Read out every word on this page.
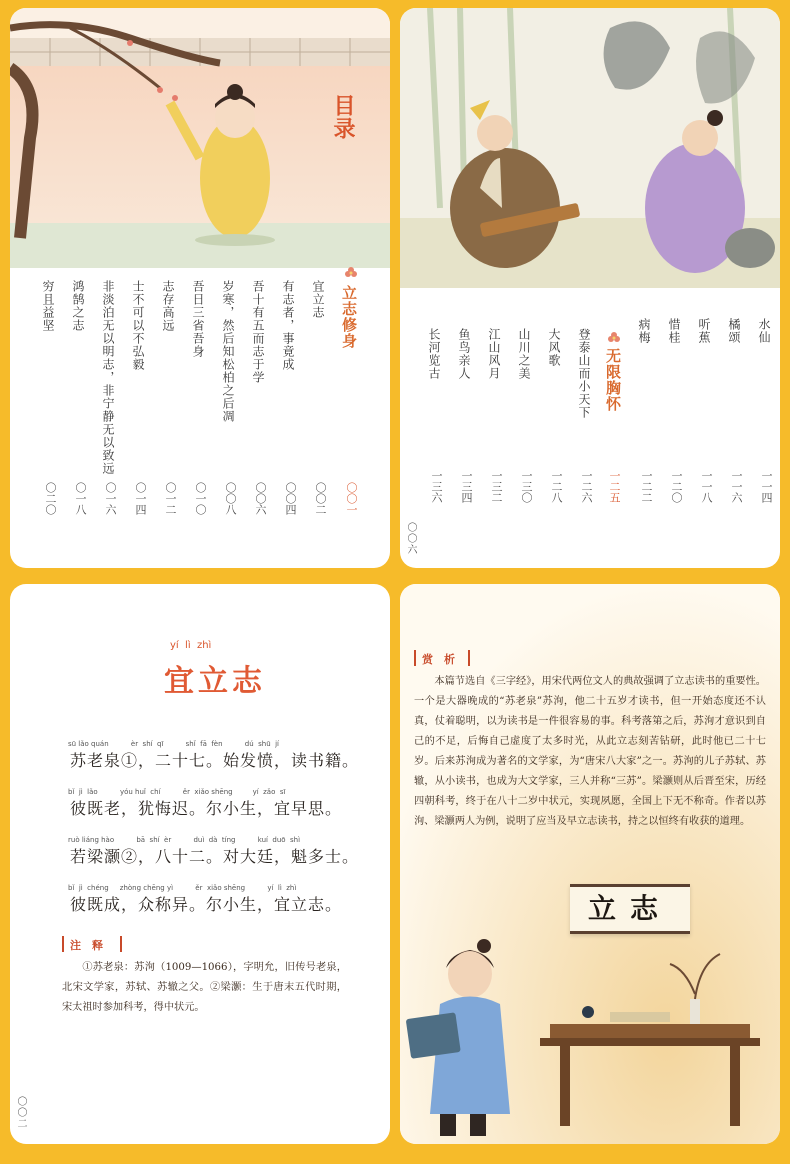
目录
立志修身
〇〇一
宜立志
〇〇二
有志者，事竟成
〇〇四
吾十有五而志于学
〇〇六
岁寒，然后知松柏之后凋
〇〇八
吾日三省吾身
〇一〇
志存高远
〇一二
士不可以不弘毅
〇一四
非淡泊无以明志，非宁静无以致远
〇一六
鸿鹄之志
〇一八
穷且益坚
〇二〇
水仙
一一四
橘颂
一一六
听蕉
一一八
惜桂
一二〇
病梅
一二二
无限胸怀
一二五
登泰山而小天下
一二六
大风歌
一二八
山川之美
一三〇
江山风月
一三二
鱼鸟亲人
一三四
长河览古
一三六
〇〇六
yí  lì  zhì
宜立志
sū lǎo quán          èr  shí  qī          shǐ  fā  fèn          dú  shū  jí
苏老泉①，二十七。始发愤，读书籍。
bǐ  jì  lǎo          yóu huǐ  chí          ěr  xiǎo shēng         yí  zǎo  sī
彼既老，犹悔迟。尔小生，宜早思。
ruò liáng hào          bā  shí  èr          duì  dà  tíng          kuí  duō  shì
若梁灏②，八十二。对大廷，魁多士。
bǐ  jì  chéng     zhòng chēng yì          ěr  xiǎo shēng          yí  lì  zhì
彼既成，众称异。尔小生，宜立志。
注　释
①苏老泉：苏洵（1009—1066），字明允，旧传号老泉，北宋文学家，苏轼、苏辙之父。②梁灏：生于唐末五代时期，宋太祖时参加科考，得中状元。
〇〇二
赏　析
本篇节选自《三字经》，用宋代两位文人的典故强调了立志读书的重要性。一个是大器晚成的“苏老泉”苏洵，他二十五岁才读书，但一开始态度还不认真，仗着聪明，以为读书是一件很容易的事。科考落第之后，苏洵才意识到自己的不足，后悔自己虚度了太多时光，从此立志刻苦钻研，此时他已二十七岁。后来苏洵成为著名的文学家，为“唐宋八大家”之一。苏洵的儿子苏轼、苏辙，从小读书，也成为大文学家，三人并称“三苏”。梁灏则从后晋至宋，历经四朝科考，终于在八十二岁中状元，实现夙愿，全国上下无不称奇。作者以苏洵、梁灏两人为例，说明了应当及早立志读书，持之以恒终有收获的道理。
立志
